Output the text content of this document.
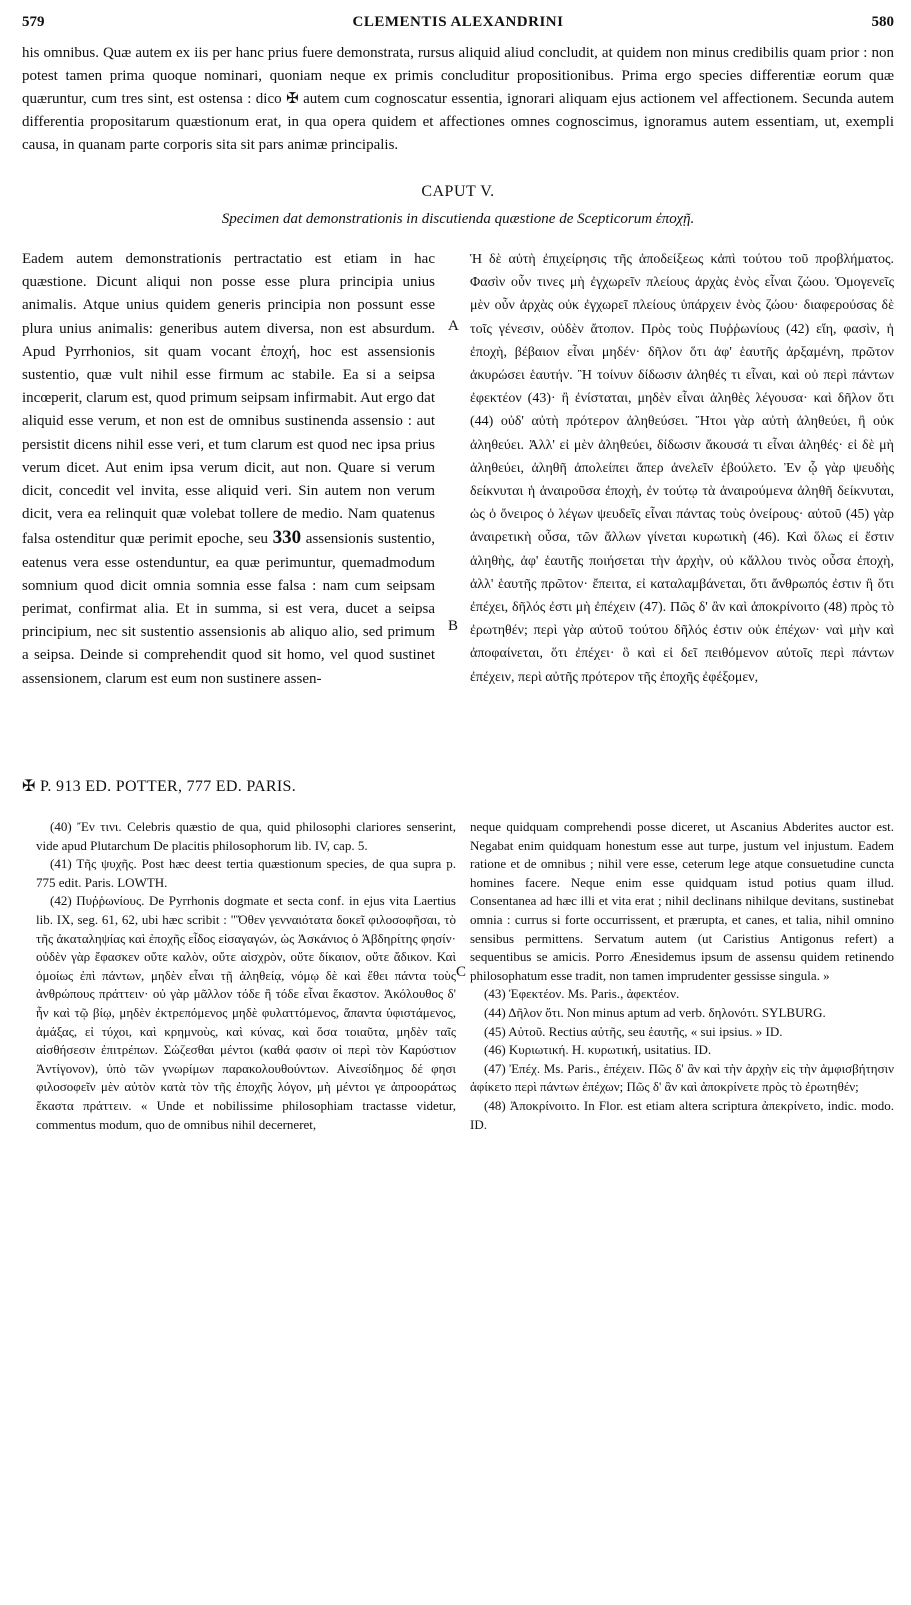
579	CLEMENTIS ALEXANDRINI	580
his omnibus. Quæ autem ex iis per hanc prius fuere demonstrata, rursus aliquid aliud concludit, at quidem non minus credibilis quam prior : non potest tamen prima quoque nominari, quoniam neque ex primis concluditur propositionibus. Prima ergo species differentiæ eorum quæ quæruntur, cum tres sint, est ostensa : dico ✠ autem cum cognoscatur essentia, ignorari aliquam ejus actionem vel affectionem. Secunda autem differentia propositarum quæstionum erat, in qua opera quidem et affectiones omnes cognoscimus, ignoramus autem essentiam, ut, exempli causa, in quanam parte corporis sita sit pars animæ principalis.
CAPUT V.
Specimen dat demonstrationis in discutienda quæstione de Scepticorum ἐποχῇ.
Eadem autem demonstrationis pertractatio est etiam in hac quæstione. Dicunt aliqui non posse esse plura principia unius animalis. Atque unius quidem generis principia non possunt esse plura unius animalis: generibus autem diversa, non est absurdum. Apud Pyrrhonios, sit quam vocant ἐποχή, hoc est assensionis sustentio, quæ vult nihil esse firmum ac stabile. Ea si a seipsa incœperit, clarum est, quod primum seipsam infirmabit. Aut ergo dat aliquid esse verum, et non est de omnibus sustinenda assensio : aut persistit dicens nihil esse veri, et tum clarum est quod nec ipsa prius verum dicet. Aut enim ipsa verum dicit, aut non. Quare si verum dicit, concedit vel invita, esse aliquid veri. Sin autem non verum dicit, vera ea relinquit quæ volebat tollere de medio. Nam quatenus falsa ostenditur quæ perimit epoche, seu 330 assensionis sustentio, eatenus vera esse ostenduntur, ea quæ perimuntur, quemadmodum somnium quod dicit omnia somnia esse falsa : nam cum seipsam perimat, confirmat alia. Et in summa, si est vera, ducet a seipsa principium, nec sit sustentio assensionis ab aliquo alio, sed primum a seipsa. Deinde si comprehendit quod sit homo, vel quod sustinet assensionem, clarum est eum non sustinere assen-
A
B
Ἡ δὲ αὐτὴ ἐπιχείρησις τῆς ἀποδείξεως κἀπὶ τούτου τοῦ προβλήματος. Φασὶν οὖν τινες μὴ ἐγχωρεῖν πλείους ἀρχὰς ἑνὸς εἶναι ζώου. Ὁμογενεῖς μὲν οὖν ἀρχὰς οὐκ ἐγχωρεῖ πλείους ὑπάρχειν ἑνὸς ζώου· διαφερούσας δὲ τοῖς γένεσιν, οὐδὲν ἄτοπον. Πρὸς τοὺς Πυῤῥωνίους (42) εἴη, φασὶν, ἡ ἐποχὴ, βέβαιον εἶναι μηδέν· δῆλον ὅτι ἀφ' ἑαυτῆς ἀρξαμένη, πρῶτον ἀκυρώσει ἑαυτήν. Ἢ τοίνυν δίδωσιν ἀληθές τι εἶναι, καὶ οὐ περὶ πάντων ἐφεκτέον (43)· ἢ ἐνίσταται, μηδὲν εἶναι ἀληθὲς λέγουσα· καὶ δῆλον ὅτι (44) οὐδ' αὐτὴ πρότερον ἀληθεύσει. Ἤτοι γὰρ αὐτὴ ἀληθεύει, ἢ οὐκ ἀληθεύει. Ἀλλ' εἰ μὲν ἀληθεύει, δίδωσιν ἄκουσά τι εἶναι ἀληθές· εἰ δὲ μὴ ἀληθεύει, ἀληθῆ ἀπολείπει ἅπερ ἀνελεῖν ἐβούλετο. Ἐν ᾧ γὰρ ψευδὴς δείκνυται ἡ ἀναιροῦσα ἐποχὴ, ἐν τούτῳ τὰ ἀναιρούμενα ἀληθῆ δείκνυται, ὡς ὁ ὄνειρος ὁ λέγων ψευδεῖς εἶναι πάντας τοὺς ὀνείρους· αὐτοῦ (45) γὰρ ἀναιρετικὴ οὖσα, τῶν ἄλλων γίνεται κυρωτικὴ (46). Καὶ ὅλως εἰ ἔστιν ἀληθὴς, ἀφ' ἑαυτῆς ποιήσεται τὴν ἀρχὴν, οὐ κἄλλου τινὸς οὖσα ἐποχὴ, ἀλλ' ἑαυτῆς πρῶτον· ἔπειτα, εἰ καταλαμβάνεται, ὅτι ἄνθρωπός ἐστιν ἢ ὅτι ἐπέχει, δῆλός ἐστι μὴ ἐπέχειν (47). Πῶς δ' ἂν καὶ ἀποκρίνοιτο (48) πρὸς τὸ ἐρωτηθέν; περὶ γὰρ αὐτοῦ τούτου δῆλός ἐστιν οὐκ ἐπέχων· ναὶ μὴν καὶ ἀποφαίνεται, ὅτι ἐπέχει· ὃ καὶ εἰ δεῖ πειθόμενον αὐτοῖς περὶ πάντων ἐπέχειν, περὶ αὐτῆς πρότερον τῆς ἐποχῆς ἐφέξομεν,
✠ P. 913 ED. POTTER, 777 ED. PARIS.

(40) Ἔν τινι. Celebris quæstio de qua, quid philosophi clariores senserint, vide apud Plutarchum De placitis philosophorum lib. IV, cap. 5.

(41) Τῆς ψυχῆς. Post hæc deest tertia quæstionum species, de qua supra p. 775 edit. Paris. LOWTH.

(42) Πυῤῥωνίους. De Pyrrhonis dogmate et secta conf. in ejus vita Laertius lib. IX, seg. 61, 62, ubi hæc scribit : "Ὅθεν γενναιότατα δοκεῖ φιλοσοφῆσαι, τὸ τῆς ἀκαταληψίας καὶ ἐποχῆς εἶδος εἰσαγαγών, ὡς Ἀσκάνιος ὁ Ἀβδηρίτης φησίν· οὐδὲν γὰρ ἔφασκεν οὔτε καλὸν, οὔτε αἰσχρὸν, οὔτε δίκαιον, οὔτε ἄδικον. Καὶ ὁμοίως ἐπὶ πάντων, μηδὲν εἶναι τῇ ἀληθείᾳ, νόμῳ δὲ καὶ ἔθει πάντα τοὺς ἀνθρώπους πράττειν· οὐ γὰρ μᾶλλον τόδε ἢ τόδε εἶναι ἕκαστον. Ἀκόλουθος δ' ἦν καὶ τῷ βίῳ, μηδὲν ἐκτρεπόμενος μηδὲ φυλαττόμενος, ἅπαντα ὑφιστάμενος, ἁμάξας, εἰ τύχοι, καὶ κρημνοὺς, καὶ κύνας, καὶ ὅσα τοιαῦτα, μηδὲν ταῖς αἰσθήσεσιν ἐπιτρέπων. Σώζεσθαι μέντοι (καθά φασιν οἱ περὶ τὸν Καρύστιον Ἀντίγονον), ὑπὸ τῶν γνωρίμων παρακολουθούντων. Αἰνεσίδημος δέ φησι φιλοσοφεῖν μὲν αὐτὸν κατὰ τὸν τῆς ἐποχῆς λόγον, μὴ μέντοι γε ἀπροοράτως ἕκαστα πράττειν. « Unde et nobilissime philosophiam tractasse videtur, commentus modum, quo de omnibus nihil decerneret,

C

neque quidquam comprehendi posse diceret, ut Ascanius Abderites auctor est. Negabat enim quidquam honestum esse aut turpe, justum vel injustum. Eadem ratione et de omnibus ; nihil vere esse, ceterum lege atque consuetudine cuncta homines facere. Neque enim esse quidquam istud potius quam illud. Consentanea ad hæc illi et vita erat ; nihil declinans nihilque devitans, sustinebat omnia : currus si forte occurrissent, et prærupta, et canes, et talia, nihil omnino sensibus permittens. Servatum autem (ut Caristius Antigonus refert) a sequentibus se amicis. Porro Ænesidemus ipsum de assensu quidem retinendo philosophatum esse tradit, non tamen imprudenter gessisse singula. »

(43) Ἐφεκτέον. Ms. Paris., ἀφεκτέον.

(44) Δῆλον ὅτι. Non minus aptum ad verb. δηλονότι. SYLBURG.

(45) Αὐτοῦ. Rectius αὐτῆς, seu ἑαυτῆς, « sui ipsius. » ID.

(46) Κυριωτική. H. κυρωτική, usitatius. ID.

(47) Ἐπέχ. Ms. Paris., ἐπέχειν. Πῶς δ' ἂν καὶ τὴν ἀρχὴν εἰς τὴν ἀμφισβήτησιν ἀφίκετο περὶ πάντων ἐπέχων; Πῶς δ' ἂν καὶ ἀποκρίνετε πρὸς τὸ ἐρωτηθέν;

(48) Ἀποκρίνοιτο. In Flor. est etiam altera scriptura ἀπεκρίνετο, indic. modo. ID.
